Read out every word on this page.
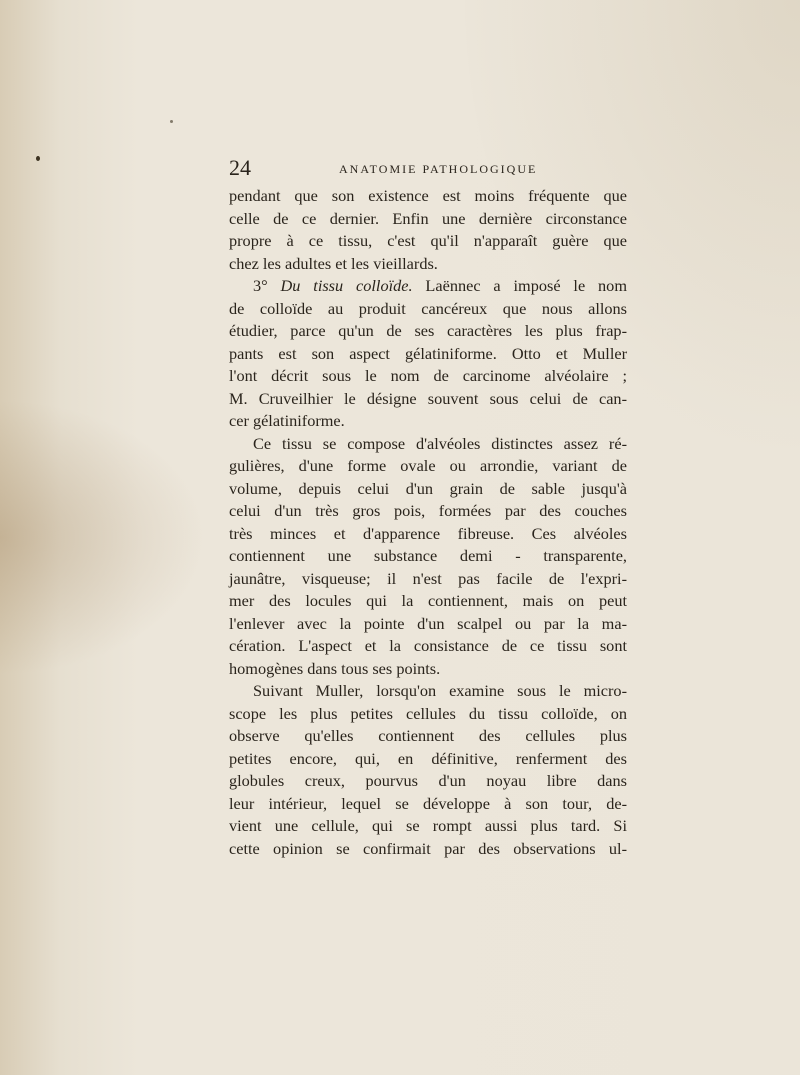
24	ANATOMIE PATHOLOGIQUE
pendant que son existence est moins fréquente que
celle de ce dernier. Enfin une dernière circonstance
propre à ce tissu, c'est qu'il n'apparaît guère que
chez les adultes et les vieillards.
3° Du tissu colloïde. Laënnec a imposé le nom
de colloïde au produit cancéreux que nous allons
étudier, parce qu'un de ses caractères les plus frap-
pants est son aspect gélatiniforme. Otto et Muller
l'ont décrit sous le nom de carcinome alvéolaire ;
M. Cruveilhier le désigne souvent sous celui de can-
cer gélatiniforme.
Ce tissu se compose d'alvéoles distinctes assez ré-
gulières, d'une forme ovale ou arrondie, variant de
volume, depuis celui d'un grain de sable jusqu'à
celui d'un très gros pois, formées par des couches
très minces et d'apparence fibreuse. Ces alvéoles
contiennent une substance demi - transparente,
jaunâtre, visqueuse; il n'est pas facile de l'expri-
mer des locules qui la contiennent, mais on peut
l'enlever avec la pointe d'un scalpel ou par la ma-
cération. L'aspect et la consistance de ce tissu sont
homogènes dans tous ses points.
Suivant Muller, lorsqu'on examine sous le micro-
scope les plus petites cellules du tissu colloïde, on
observe qu'elles contiennent des cellules plus
petites encore, qui, en définitive, renferment des
globules creux, pourvus d'un noyau libre dans
leur intérieur, lequel se développe à son tour, de-
vient une cellule, qui se rompt aussi plus tard. Si
cette opinion se confirmait par des observations ul-
